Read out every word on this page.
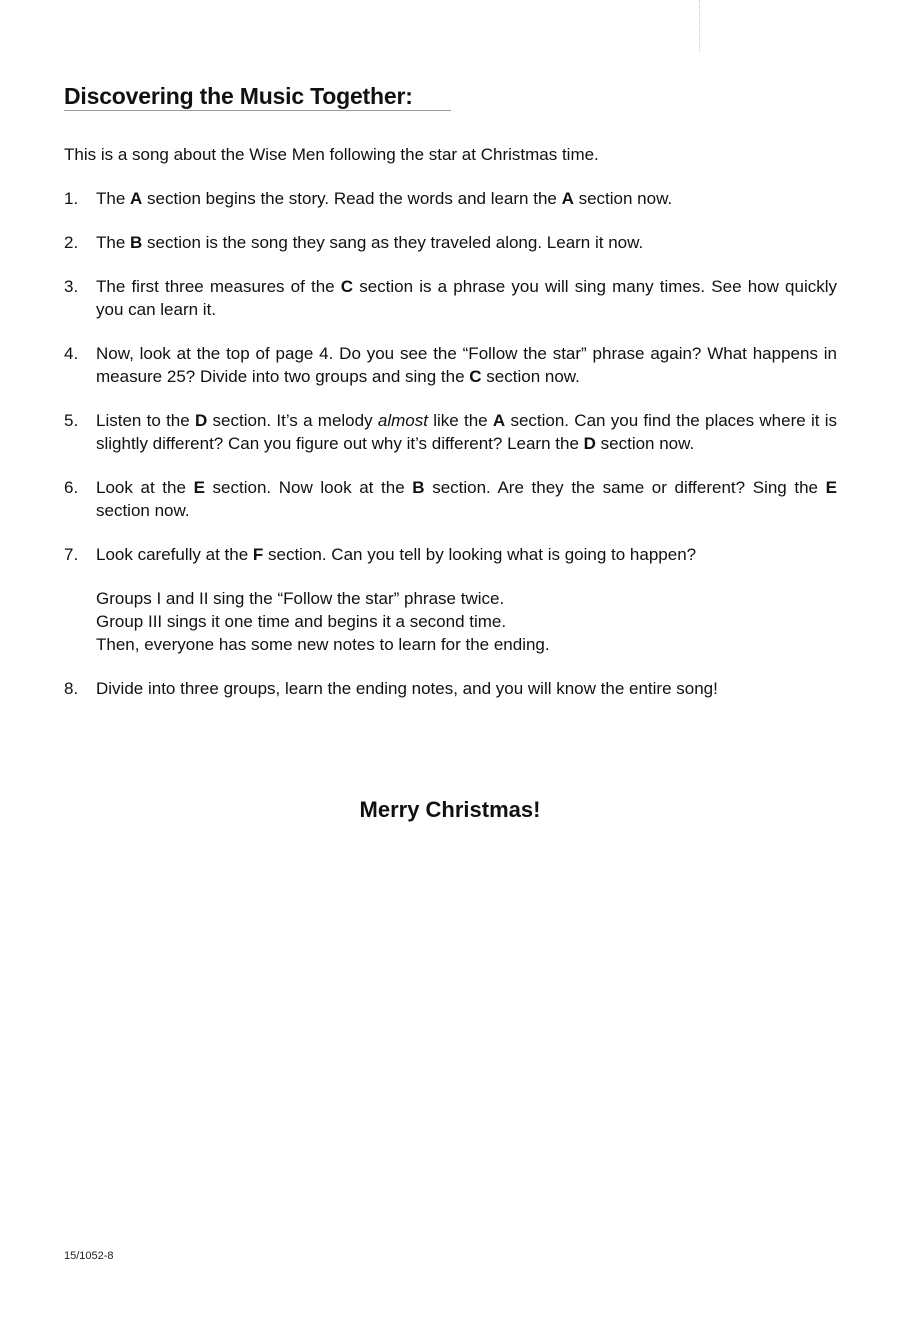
Discovering the Music Together:

This is a song about the Wise Men following the star at Christmas time.

1. The A section begins the story. Read the words and learn the A section now.
2. The B section is the song they sang as they traveled along. Learn it now.
3. The first three measures of the C section is a phrase you will sing many times. See how quickly you can learn it.
4. Now, look at the top of page 4. Do you see the “Follow the star” phrase again? What happens in measure 25? Divide into two groups and sing the C section now.
5. Listen to the D section. It’s a melody almost like the A section. Can you find the places where it is slightly different? Can you figure out why it’s different? Learn the D section now.
6. Look at the E section. Now look at the B section. Are they the same or different? Sing the E section now.
7. Look carefully at the F section. Can you tell by looking what is going to happen?
Groups I and II sing the “Follow the star” phrase twice.
Group III sings it one time and begins it a second time.
Then, everyone has some new notes to learn for the ending.
8. Divide into three groups, learn the ending notes, and you will know the entire song!

Merry Christmas!

15/1052-8
